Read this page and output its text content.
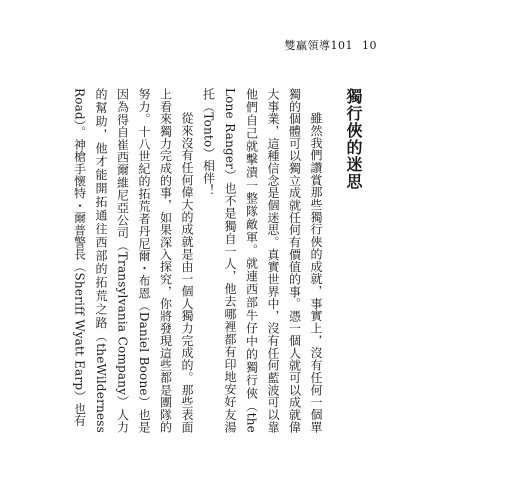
雙贏領導101 10
獨行俠的迷思

雖然我們讚賞那些獨行俠的成就，事實上，沒有任何一個單獨的個體可以獨立成就任何有價值的事。憑一個人就可以成就偉大事業，這種信念是個迷思。真實世界中，沒有任何藍波可以靠他們自己就擊潰一整隊敵軍。就連西部牛仔中的獨行俠（the Lone Ranger）也不是獨自一人，他去哪裡都有印地安好友湯托（Tonto）相伴！

從來沒有任何偉大的成就是由一個人獨力完成的。那些表面上看來獨力完成的事，如果深入探究，你將發現這些都是團隊的努力。十八世紀的拓荒者丹尼爾・布恩（Daniel Boone）也是因為得自崔西爾維尼亞公司（Transylvania Company）人力的幫助，他才能開拓通往西部的拓荒之路（theWilderness Road）。神槍手懷特・爾普警長（Sheriff Wyatt Earp）也有
